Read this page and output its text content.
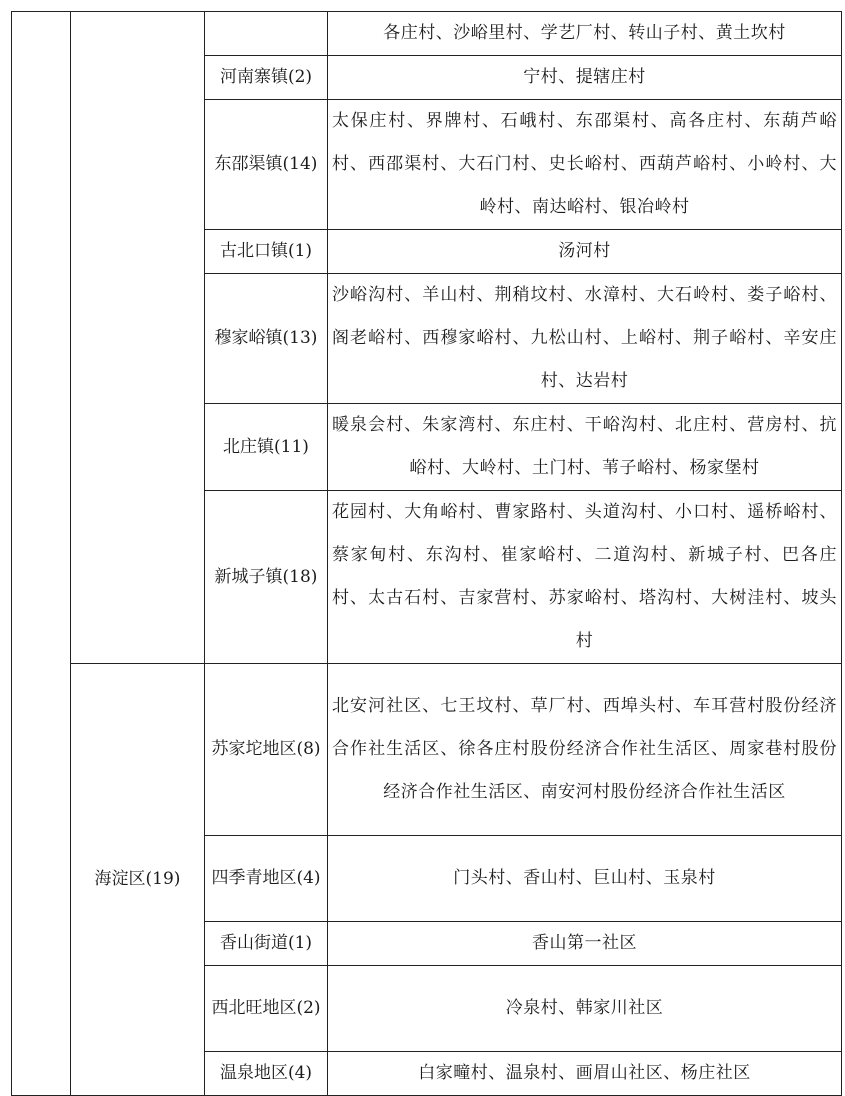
			各庄村、沙峪里村、学艺厂村、转山子村、黄土坎村
		河南寨镇(2)	宁村、提辖庄村
		东邵渠镇(14)	太保庄村、界牌村、石峨村、东邵渠村、高各庄村、东葫芦峪村、西邵渠村、大石门村、史长峪村、西葫芦峪村、小岭村、大岭村、南达峪村、银冶岭村
		古北口镇(1)	汤河村
		穆家峪镇(13)	沙峪沟村、羊山村、荆稍坟村、水漳村、大石岭村、娄子峪村、阁老峪村、西穆家峪村、九松山村、上峪村、荆子峪村、辛安庄村、达岩村
		北庄镇(11)	暖泉会村、朱家湾村、东庄村、干峪沟村、北庄村、营房村、抗峪村、大岭村、土门村、苇子峪村、杨家堡村
		新城子镇(18)	花园村、大角峪村、曹家路村、头道沟村、小口村、遥桥峪村、蔡家甸村、东沟村、崔家峪村、二道沟村、新城子村、巴各庄村、太古石村、吉家营村、苏家峪村、塔沟村、大树洼村、坡头村
	海淀区(19)	苏家坨地区(8)	北安河社区、七王坟村、草厂村、西埠头村、车耳营村股份经济合作社生活区、徐各庄村股份经济合作社生活区、周家巷村股份经济合作社生活区、南安河村股份经济合作社生活区
		四季青地区(4)	门头村、香山村、巨山村、玉泉村
		香山街道(1)	香山第一社区
		西北旺地区(2)	冷泉村、韩家川社区
		温泉地区(4)	白家疃村、温泉村、画眉山社区、杨庄社区
